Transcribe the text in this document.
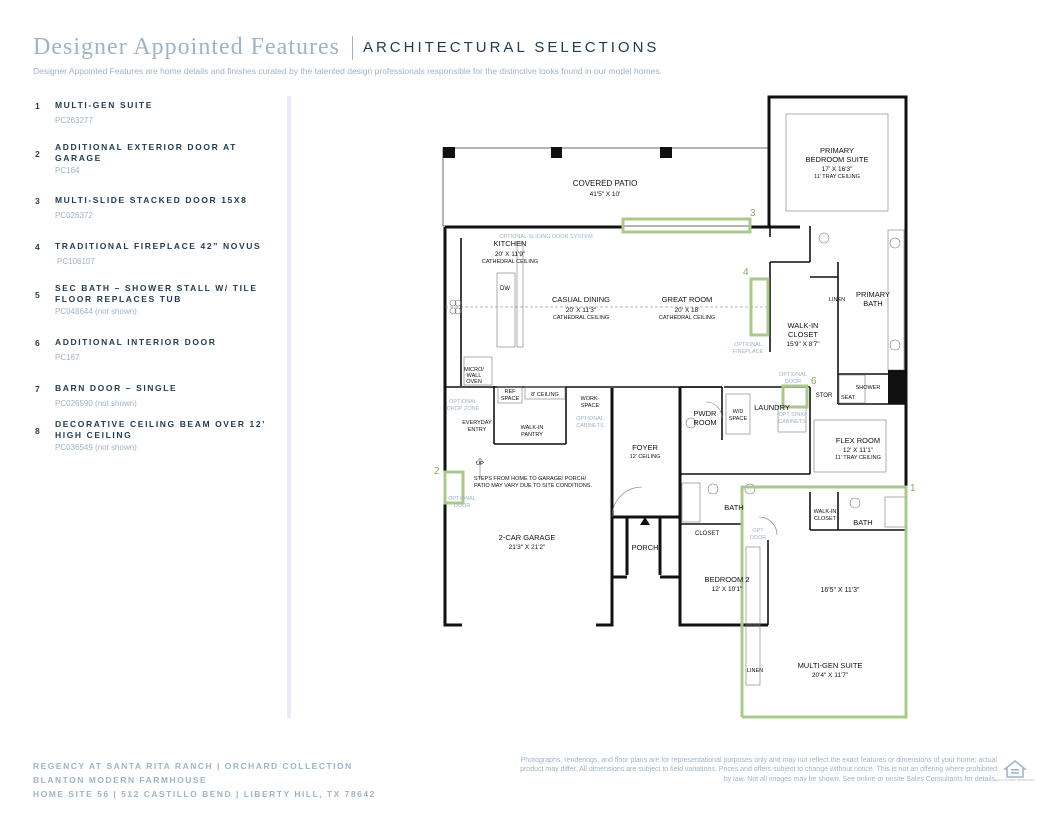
Designer Appointed Features ARCHITECTURAL SELECTIONS
Designer Appointed Features are home details and finishes curated by the talented design professionals responsible for the distinctive looks found in our model homes.
1 MULTI-GEN SUITE
PC263277
2
ADDITIONAL EXTERIOR DOOR AT GARAGE
PC164
3 MULTI-SLIDE STACKED DOOR 15X8
PC026372
4 TRADITIONAL FIREPLACE 42” NOVUS
PC106107
5
SEC BATH – SHOWER STALL W/ TILE FLOOR REPLACES TUB
PC048644 (not shown)
6 ADDITIONAL INTERIOR DOOR
PC167
7 BARN DOOR – SINGLE
PC026590 (not shown)
8
DECORATIVE CEILING BEAM OVER 12’ HIGH CEILING
PC036549 (not shown)
COVERED PATIO
41'5" X 10'
OPTIONAL SLIDING DOOR SYSTEM
KITCHEN
20' X 11'9"
CATHEDRAL CEILING
DW
CASUAL DINING
20' X 11'3"
CATHEDRAL CEILING
GREAT ROOM
20' X 18'
CATHEDRAL CEILING
OPTIONAL
FIREPLACE
MICRO/
WALL
OVEN
REF
SPACE
8' CEILING
WORK-
SPACE
OPTIONAL
DROP ZONE
EVERYDAY
ENTRY	WALK-IN
PANTRY
OPTIONAL
CABINETS
UP
STEPS FROM HOME TO GARAGE/ PORCH/
PATIO MAY VARY DUE TO SITE CONDITIONS.
OPTIONAL
DOOR
2-CAR GARAGE
21'3" X 21'2"
FOYER
12' CEILING
PORCH
PWDR
ROOM
W/D
SPACE
LAUNDRY
OPT SINK/
CABINETS
OPTIONAL
DOOR
STOR SEAT
SHOWER
PRIMARY
BEDROOM SUITE
17' X 16'3"
11' TRAY CEILING
PRIMARY
BATH
LINEN
WALK-IN
CLOSET
15'9" X 8'7"
FLEX ROOM
12' X 11'1"
11' TRAY CEILING
BATH
BATH
CLOSET	OPT
DOOR
WALK-IN
CLOSET
BEDROOM 2
12' X 10'1"	16'5" X 11'3"
LINEN
MULTI-GEN SUITE
20'4" X 11'7"
3
4
2
6
1
REGENCY AT SANTA RITA RANCH | ORCHARD COLLECTION
BLANTON MODERN FARMHOUSE
HOME SITE 56 | 512 CASTILLO BEND | LIBERTY HILL, TX 78642
Photographs, renderings, and floor plans are for representational purposes only and may not reflect the exact features or dimensions of your home; actual product may differ. All dimensions are subject to field variations. Prices and offers subject to change without notice. This is not an offering where prohibited by law. Not all images may be shown. See online or onsite Sales Consultants for details.
EQUAL HOUSING OPPORTUNITY
